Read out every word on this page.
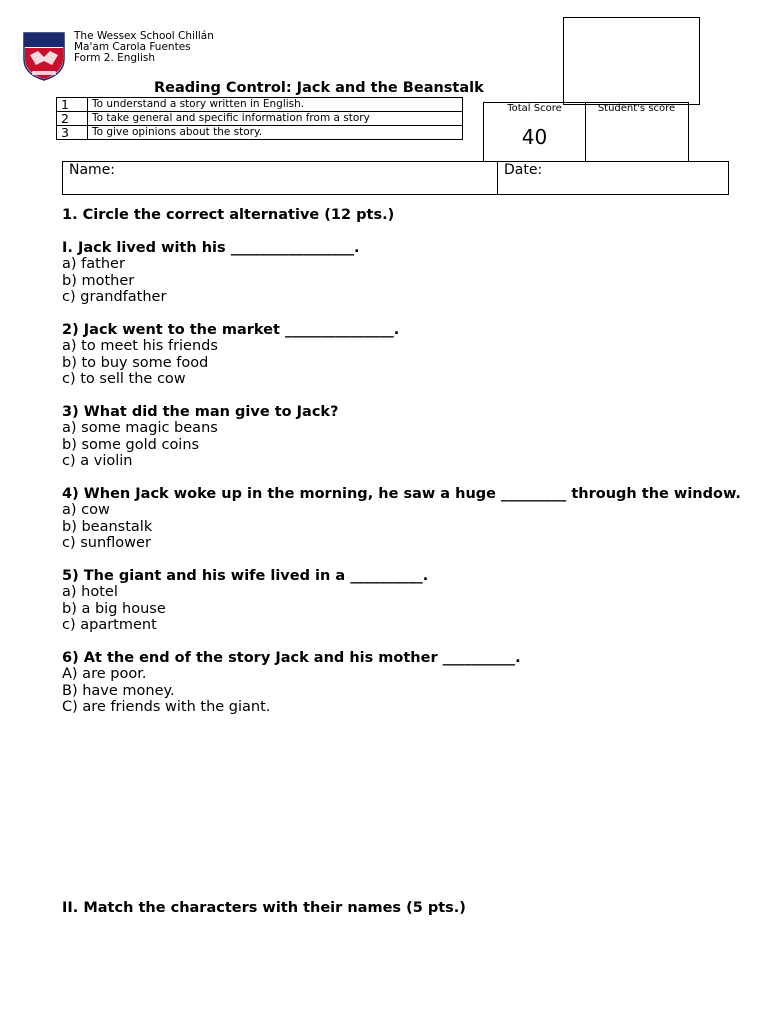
The Wessex School Chillán
Ma'am Carola Fuentes
Form 2. English
Reading Control: Jack and the Beanstalk
1	To understand a story written in English.
2	To take general and specific information from a story
3	To give opinions about the story.
Total Score
40
Student's score
Name:	Date:

1. Circle the correct alternative (12 pts.)

I. Jack lived with his _________________.
a) father
b) mother
c) grandfather
2) Jack went to the market _______________.
a) to meet his friends
b) to buy some food
c) to sell the cow
3) What did the man give to Jack?
a) some magic beans
b) some gold coins
c) a violin
4) When Jack woke up in the morning, he saw a huge _________ through the window.
a) cow
b) beanstalk
c) sunflower
5) The giant and his wife lived in a __________.
a) hotel
b) a big house
c) apartment
6) At the end of the story Jack and his mother __________.
A) are poor.
B) have money.
C) are friends with the giant.
II. Match the characters with their names (5 pts.)
